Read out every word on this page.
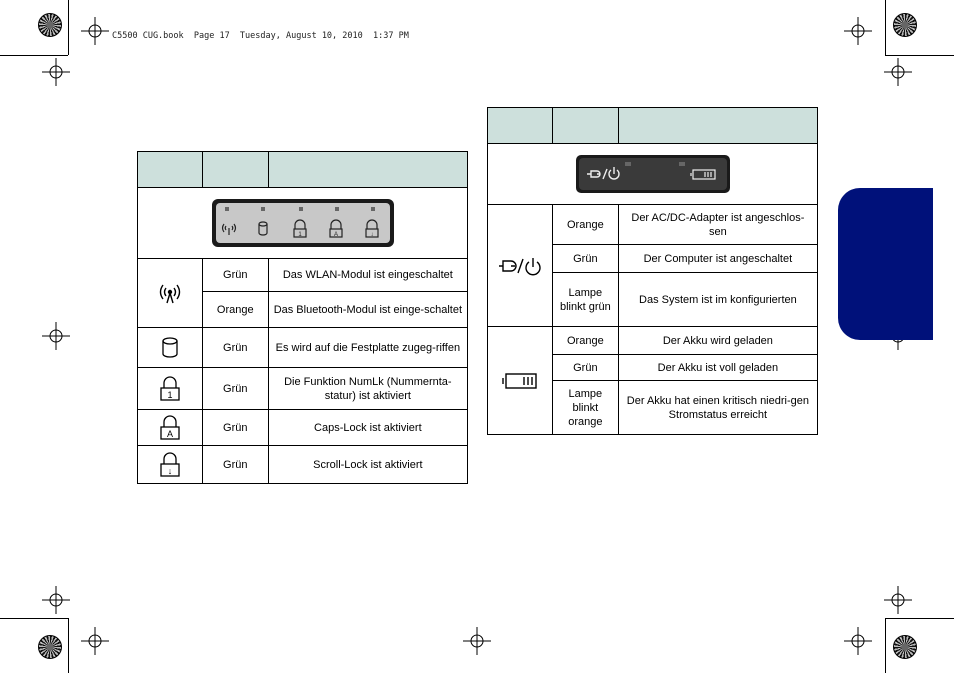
C5500 CUG.book  Page 17  Tuesday, August 10, 2010  1:37 PM

1 A ↓		

	Grün	Das WLAN-Modul ist eingeschaltet
	Orange	Das Bluetooth-Modul ist einge-schaltet

	Grün	Es wird auf die Festplatte zugeg-riffen

1	Grün	Die Funktion NumLk (Nummernta-statur) ist aktiviert

A	Grün	Caps-Lock ist aktiviert

↓	Grün	Scroll-Lock ist aktiviert

	Orange	Der AC/DC-Adapter ist angeschlos-sen
	Grün	Der Computer ist angeschaltet
	Lampe blinkt grün	Das System ist im konfigurierten

	Orange	Der Akku wird geladen
	Grün	Der Akku ist voll geladen
	Lampe blinkt orange	Der Akku hat einen kritisch niedri-gen Stromstatus erreicht
